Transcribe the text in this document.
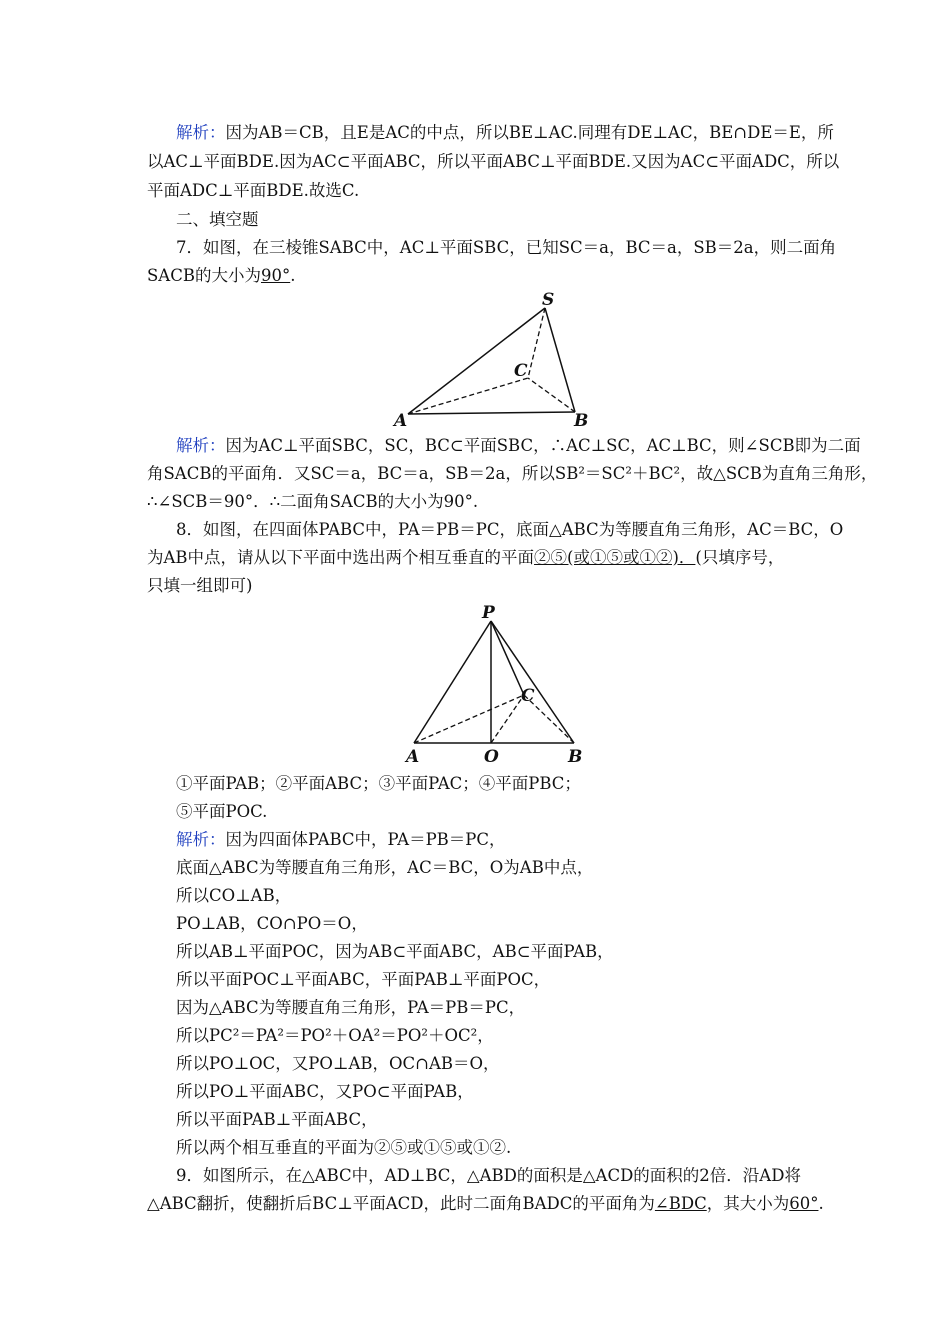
解析：因为AB＝CB，且E是AC的中点，所以BE⊥AC.同理有DE⊥AC，BE∩DE＝E，所
以AC⊥平面BDE.因为AC⊂平面ABC，所以平面ABC⊥平面BDE.又因为AC⊂平面ADC，所以
平面ADC⊥平面BDE.故选C.
二、填空题
7．如图，在三棱锥SABC中，AC⊥平面SBC，已知SC＝a，BC＝a，SB＝2a，则二面角
SACB的大小为90°.
S
C
A	B
解析：因为AC⊥平面SBC，SC，BC⊂平面SBC，∴AC⊥SC，AC⊥BC，则∠SCB即为二面
角SACB的平面角．又SC＝a，BC＝a，SB＝2a，所以SB²＝SC²＋BC²，故△SCB为直角三角形，
∴∠SCB＝90°．∴二面角SACB的大小为90°.
8．如图，在四面体PABC中，PA＝PB＝PC，底面△ABC为等腰直角三角形，AC＝BC，O
为AB中点，请从以下平面中选出两个相互垂直的平面②⑤(或①⑤或①②)．(只填序号，
只填一组即可)
P
C
A	O	B
①平面PAB；②平面ABC；③平面PAC；④平面PBC；
⑤平面POC.
解析：因为四面体PABC中，PA＝PB＝PC，
底面△ABC为等腰直角三角形，AC＝BC，O为AB中点，
所以CO⊥AB，
PO⊥AB，CO∩PO＝O，
所以AB⊥平面POC，因为AB⊂平面ABC，AB⊂平面PAB，
所以平面POC⊥平面ABC，平面PAB⊥平面POC，
因为△ABC为等腰直角三角形，PA＝PB＝PC，
所以PC²＝PA²＝PO²＋OA²＝PO²＋OC²，
所以PO⊥OC，又PO⊥AB，OC∩AB＝O，
所以PO⊥平面ABC，又PO⊂平面PAB，
所以平面PAB⊥平面ABC，
所以两个相互垂直的平面为②⑤或①⑤或①②.
9．如图所示，在△ABC中，AD⊥BC，△ABD的面积是△ACD的面积的2倍．沿AD将
△ABC翻折，使翻折后BC⊥平面ACD，此时二面角BADC的平面角为∠BDC，其大小为60°.
